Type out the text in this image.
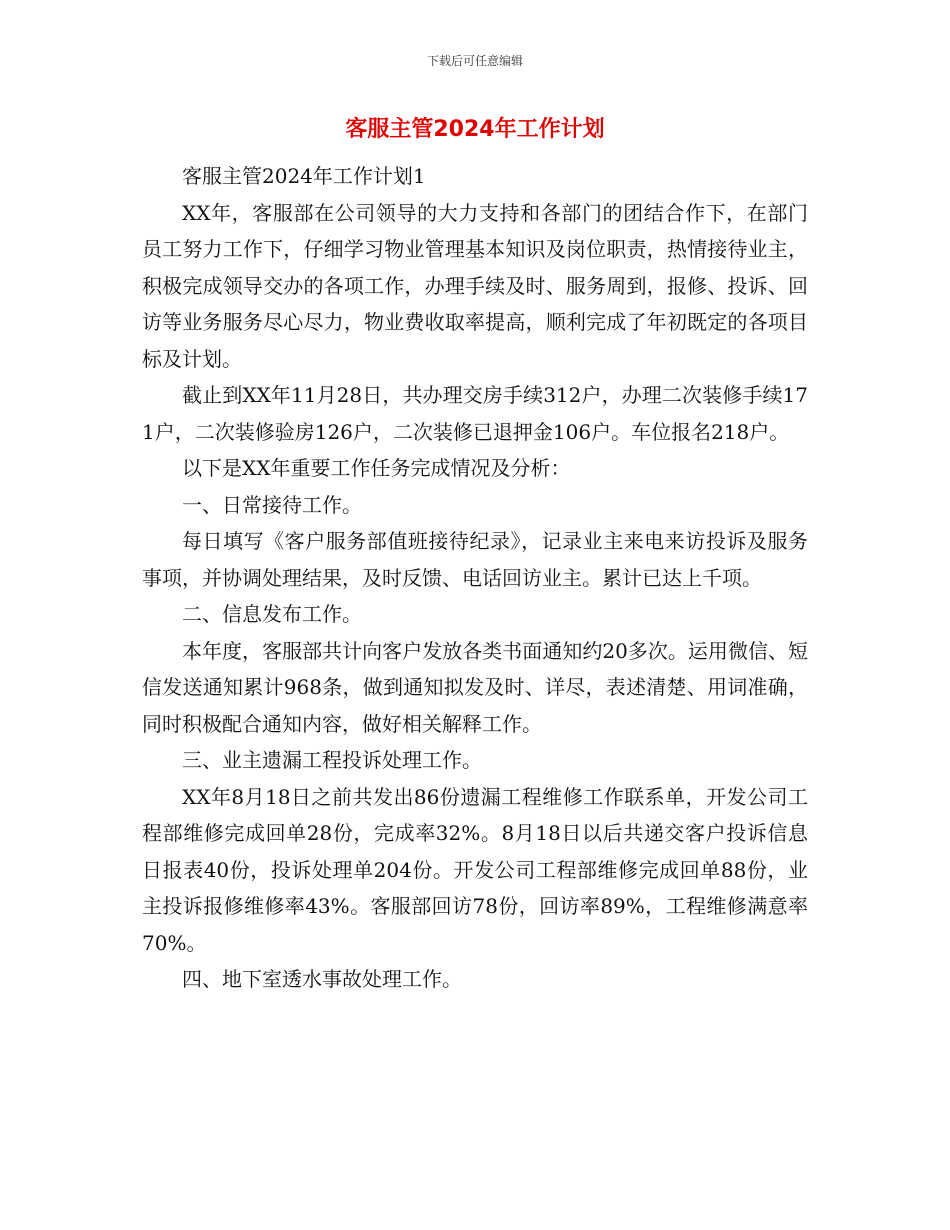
下载后可任意编辑
客服主管2024年工作计划

客服主管2024年工作计划1

XX年，客服部在公司领导的大力支持和各部门的团结合作下，在部门员工努力工作下，仔细学习物业管理基本知识及岗位职责，热情接待业主，积极完成领导交办的各项工作，办理手续及时、服务周到，报修、投诉、回访等业务服务尽心尽力，物业费收取率提高，顺利完成了年初既定的各项目标及计划。

截止到XX年11月28日，共办理交房手续312户，办理二次装修手续171户，二次装修验房126户，二次装修已退押金106户。车位报名218户。

以下是XX年重要工作任务完成情况及分析：

一、日常接待工作。

每日填写《客户服务部值班接待纪录》，记录业主来电来访投诉及服务事项，并协调处理结果，及时反馈、电话回访业主。累计已达上千项。

二、信息发布工作。

本年度，客服部共计向客户发放各类书面通知约20多次。运用微信、短信发送通知累计968条，做到通知拟发及时、详尽，表述清楚、用词准确，同时积极配合通知内容，做好相关解释工作。

三、业主遗漏工程投诉处理工作。

XX年8月18日之前共发出86份遗漏工程维修工作联系单，开发公司工程部维修完成回单28份，完成率32%。8月18日以后共递交客户投诉信息日报表40份，投诉处理单204份。开发公司工程部维修完成回单88份，业主投诉报修维修率43%。客服部回访78份，回访率89%，工程维修满意率70%。

四、地下室透水事故处理工作。
